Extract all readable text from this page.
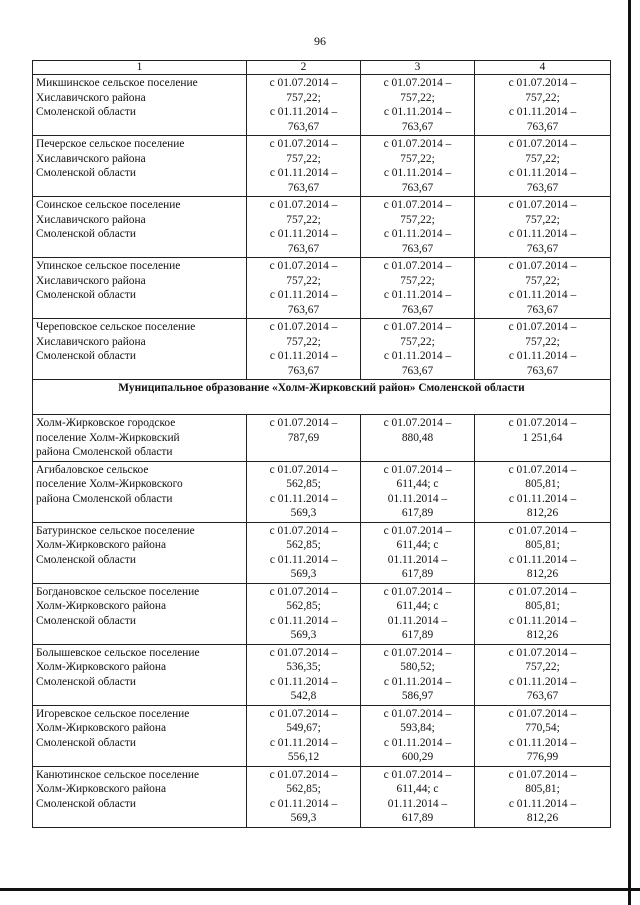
96
1	2	3	4

Микшинское сельское поселение
Хиславичского района
Смоленской области	с 01.07.2014 –
757,22;
с 01.11.2014 –
763,67	с 01.07.2014 –
757,22;
с 01.11.2014 –
763,67	с 01.07.2014 –
757,22;
с 01.11.2014 –
763,67

Печерское сельское поселение
Хиславичского района
Смоленской области	с 01.07.2014 –
757,22;
с 01.11.2014 –
763,67	с 01.07.2014 –
757,22;
с 01.11.2014 –
763,67	с 01.07.2014 –
757,22;
с 01.11.2014 –
763,67

Соинское сельское поселение
Хиславичского района
Смоленской области	с 01.07.2014 –
757,22;
с 01.11.2014 –
763,67	с 01.07.2014 –
757,22;
с 01.11.2014 –
763,67	с 01.07.2014 –
757,22;
с 01.11.2014 –
763,67

Упинское сельское поселение
Хиславичского района
Смоленской области	с 01.07.2014 –
757,22;
с 01.11.2014 –
763,67	с 01.07.2014 –
757,22;
с 01.11.2014 –
763,67	с 01.07.2014 –
757,22;
с 01.11.2014 –
763,67

Череповское сельское поселение
Хиславичского района
Смоленской области	с 01.07.2014 –
757,22;
с 01.11.2014 –
763,67	с 01.07.2014 –
757,22;
с 01.11.2014 –
763,67	с 01.07.2014 –
757,22;
с 01.11.2014 –
763,67

Муниципальное образование «Холм-Жирковский район» Смоленской области			

Холм-Жирковское городское
поселение Холм-Жирковский
района Смоленской области	с 01.07.2014 –
787,69	с 01.07.2014 –
880,48	с 01.07.2014 –
1 251,64

Агибаловское сельское
поселение Холм-Жирковского
района Смоленской области	с 01.07.2014 –
562,85;
с 01.11.2014 –
569,3	с 01.07.2014 –
611,44; с
01.11.2014 –
617,89	с 01.07.2014 –
805,81;
с 01.11.2014 –
812,26

Батуринское сельское поселение
Холм-Жирковского района
Смоленской области	с 01.07.2014 –
562,85;
с 01.11.2014 –
569,3	с 01.07.2014 –
611,44; с
01.11.2014 –
617,89	с 01.07.2014 –
805,81;
с 01.11.2014 –
812,26

Богдановское сельское поселение
Холм-Жирковского района
Смоленской области	с 01.07.2014 –
562,85;
с 01.11.2014 –
569,3	с 01.07.2014 –
611,44; с
01.11.2014 –
617,89	с 01.07.2014 –
805,81;
с 01.11.2014 –
812,26

Болышевское сельское поселение
Холм-Жирковского района
Смоленской области	с 01.07.2014 –
536,35;
с 01.11.2014 –
542,8	с 01.07.2014 –
580,52;
с 01.11.2014 –
586,97	с 01.07.2014 –
757,22;
с 01.11.2014 –
763,67

Игоревское сельское поселение
Холм-Жирковского района
Смоленской области	с 01.07.2014 –
549,67;
с 01.11.2014 –
556,12	с 01.07.2014 –
593,84;
с 01.11.2014 –
600,29	с 01.07.2014 –
770,54;
с 01.11.2014 –
776,99

Канютинское сельское поселение
Холм-Жирковского района
Смоленской области	с 01.07.2014 –
562,85;
с 01.11.2014 –
569,3	с 01.07.2014 –
611,44; с
01.11.2014 –
617,89	с 01.07.2014 –
805,81;
с 01.11.2014 –
812,26
